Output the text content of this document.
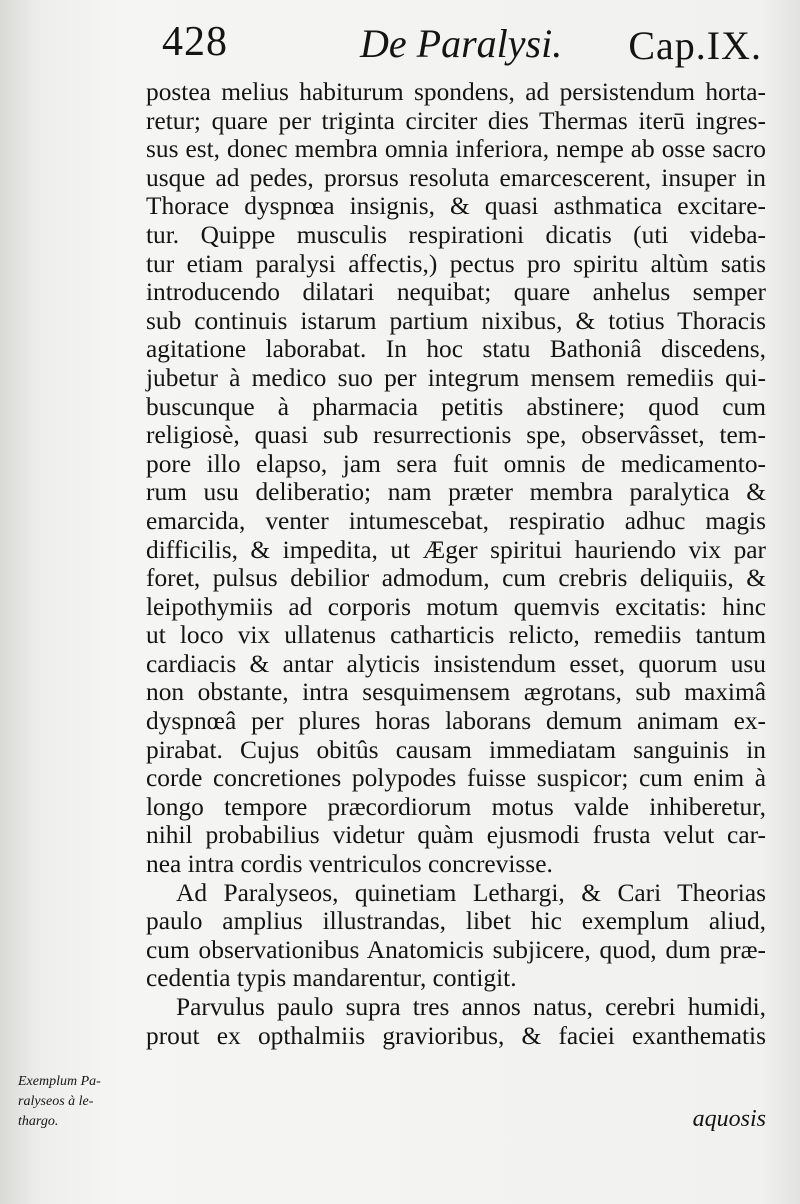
428	De Paralysi. Cap.IX.
postea melius habiturum spondens, ad persistendum horta-
retur; quare per triginta circiter dies Thermas iterū ingres-
sus est, donec membra omnia inferiora, nempe ab osse sacro
usque ad pedes, prorsus resoluta emarcescerent, insuper in
Thorace dyspnœa insignis, & quasi asthmatica excitare-
tur. Quippe musculis respirationi dicatis (uti videba-
tur etiam paralysi affectis,) pectus pro spiritu altùm satis
introducendo dilatari nequibat; quare anhelus semper
sub continuis istarum partium nixibus, & totius Thoracis
agitatione laborabat. In hoc statu Bathoniâ discedens,
jubetur à medico suo per integrum mensem remediis qui-
buscunque à pharmacia petitis abstinere; quod cum
religiosè, quasi sub resurrectionis spe, observâsset, tem-
pore illo elapso, jam sera fuit omnis de medicamento-
rum usu deliberatio; nam præter membra paralytica &
emarcida, venter intumescebat, respiratio adhuc magis
difficilis, & impedita, ut Æger spiritui hauriendo vix par
foret, pulsus debilior admodum, cum crebris deliquiis, &
leipothymiis ad corporis motum quemvis excitatis: hinc
ut loco vix ullatenus catharticis relicto, remediis tantum
cardiacis & antar alyticis insistendum esset, quorum usu
non obstante, intra sesquimensem ægrotans, sub maximâ
dyspnœâ per plures horas laborans demum animam ex-
pirabat. Cujus obitûs causam immediatam sanguinis in
corde concretiones polypodes fuisse suspicor; cum enim à
longo tempore præcordiorum motus valde inhiberetur,
nihil probabilius videtur quàm ejusmodi frusta velut car-
nea intra cordis ventriculos concrevisse.
Ad Paralyseos, quinetiam Lethargi, & Cari Theorias
paulo amplius illustrandas, libet hic exemplum aliud,
cum observationibus Anatomicis subjicere, quod, dum præ-
cedentia typis mandarentur, contigit.
Parvulus paulo supra tres annos natus, cerebri humidi,
prout ex opthalmiis gravioribus, & faciei exanthematis
Exemplum Pa-
ralyseos à le-
thargo.	aquosis
